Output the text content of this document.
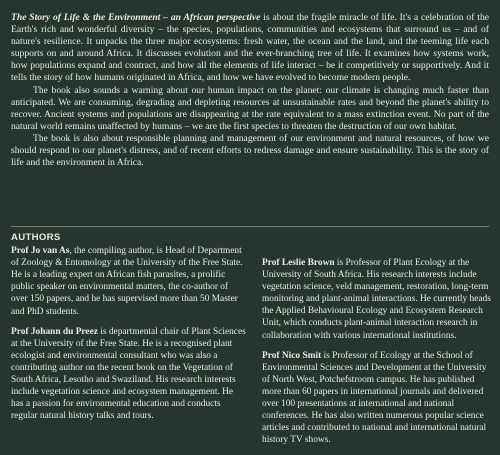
The Story of Life & the Environment – an African perspective is about the fragile miracle of life. It's a celebration of the Earth's rich and wonderful diversity – the species, populations, communities and ecosystems that surround us – and of nature's resilience. It unpacks the three major ecosystems: fresh water, the ocean and the land, and the teeming life each supports on and around Africa. It discusses evolution and the ever-branching tree of life. It examines how systems work, how populations expand and contract, and how all the elements of life interact – be it competitively or supportively. And it tells the story of how humans originated in Africa, and how we have evolved to become modern people.

The book also sounds a warning about our human impact on the planet: our climate is changing much faster than anticipated. We are consuming, degrading and depleting resources at unsustainable rates and beyond the planet's ability to recover. Ancient systems and populations are disappearing at the rate equivalent to a mass extinction event. No part of the natural world remains unaffected by humans – we are the first species to threaten the destruction of our own habitat.

The book is also about responsible planning and management of our environment and natural resources, of how we should respond to our planet's distress, and of recent efforts to redress damage and ensure sustainability. This is the story of life and the environment in Africa.

AUTHORS

Prof Jo van As, the compiling author, is Head of Department of Zoology & Entomology at the University of the Free State. He is a leading expert on African fish parasites, a prolific public speaker on environmental matters, the co-author of over 150 papers, and he has supervised more than 50 Master and PhD students.

Prof Johann du Preez is departmental chair of Plant Sciences at the University of the Free State. He is a recognised plant ecologist and environmental consultant who was also a contributing author on the recent book on the Vegetation of South Africa, Lesotho and Swaziland. His research interests include vegetation science and ecosystem management. He has a passion for environmental education and conducts regular natural history talks and tours.

Prof Leslie Brown is Professor of Plant Ecology at the University of South Africa. His research interests include vegetation science, veld management, restoration, long-term monitoring and plant-animal interactions. He currently heads the Applied Behavioural Ecology and Ecosystem Research Unit, which conducts plant-animal interaction research in collaboration with various international institutions.

Prof Nico Smit is Professor of Ecology at the School of Environmental Sciences and Development at the University of North West, Potchefstroom campus. He has published more than 60 papers in international journals and delivered over 100 presentations at international and national conferences. He has also written numerous popular science articles and contributed to national and international natural history TV shows.
